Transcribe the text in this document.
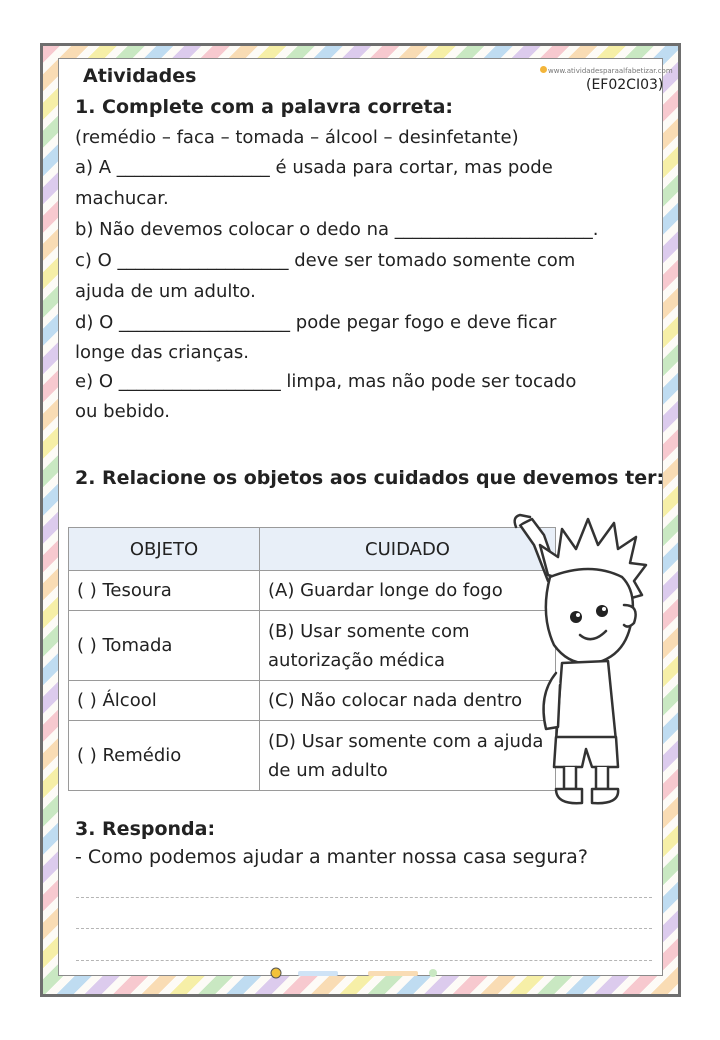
www.atividadesparaalfabetizar.com
Atividades	(EF02CI03)
1. Complete com a palavra correta:
(remédio – faca – tomada – álcool – desinfetante)
a) A _________________ é usada para cortar, mas pode
machucar.
b) Não devemos colocar o dedo na ______________________.
c) O ___________________ deve ser tomado somente com
ajuda de um adulto.
d) O ___________________ pode pegar fogo e deve ficar
longe das crianças.
e) O __________________ limpa, mas não pode ser tocado
ou bebido.
2. Relacione os objetos aos cuidados que devemos ter:
OBJETO	CUIDADO
( ) Tesoura	(A) Guardar longe do fogo
( ) Tomada	(B) Usar somente com autorização médica
( ) Álcool	(C) Não colocar nada dentro
( ) Remédio	(D) Usar somente com a ajuda de um adulto
3. Responda:
- Como podemos ajudar a manter nossa casa segura?
